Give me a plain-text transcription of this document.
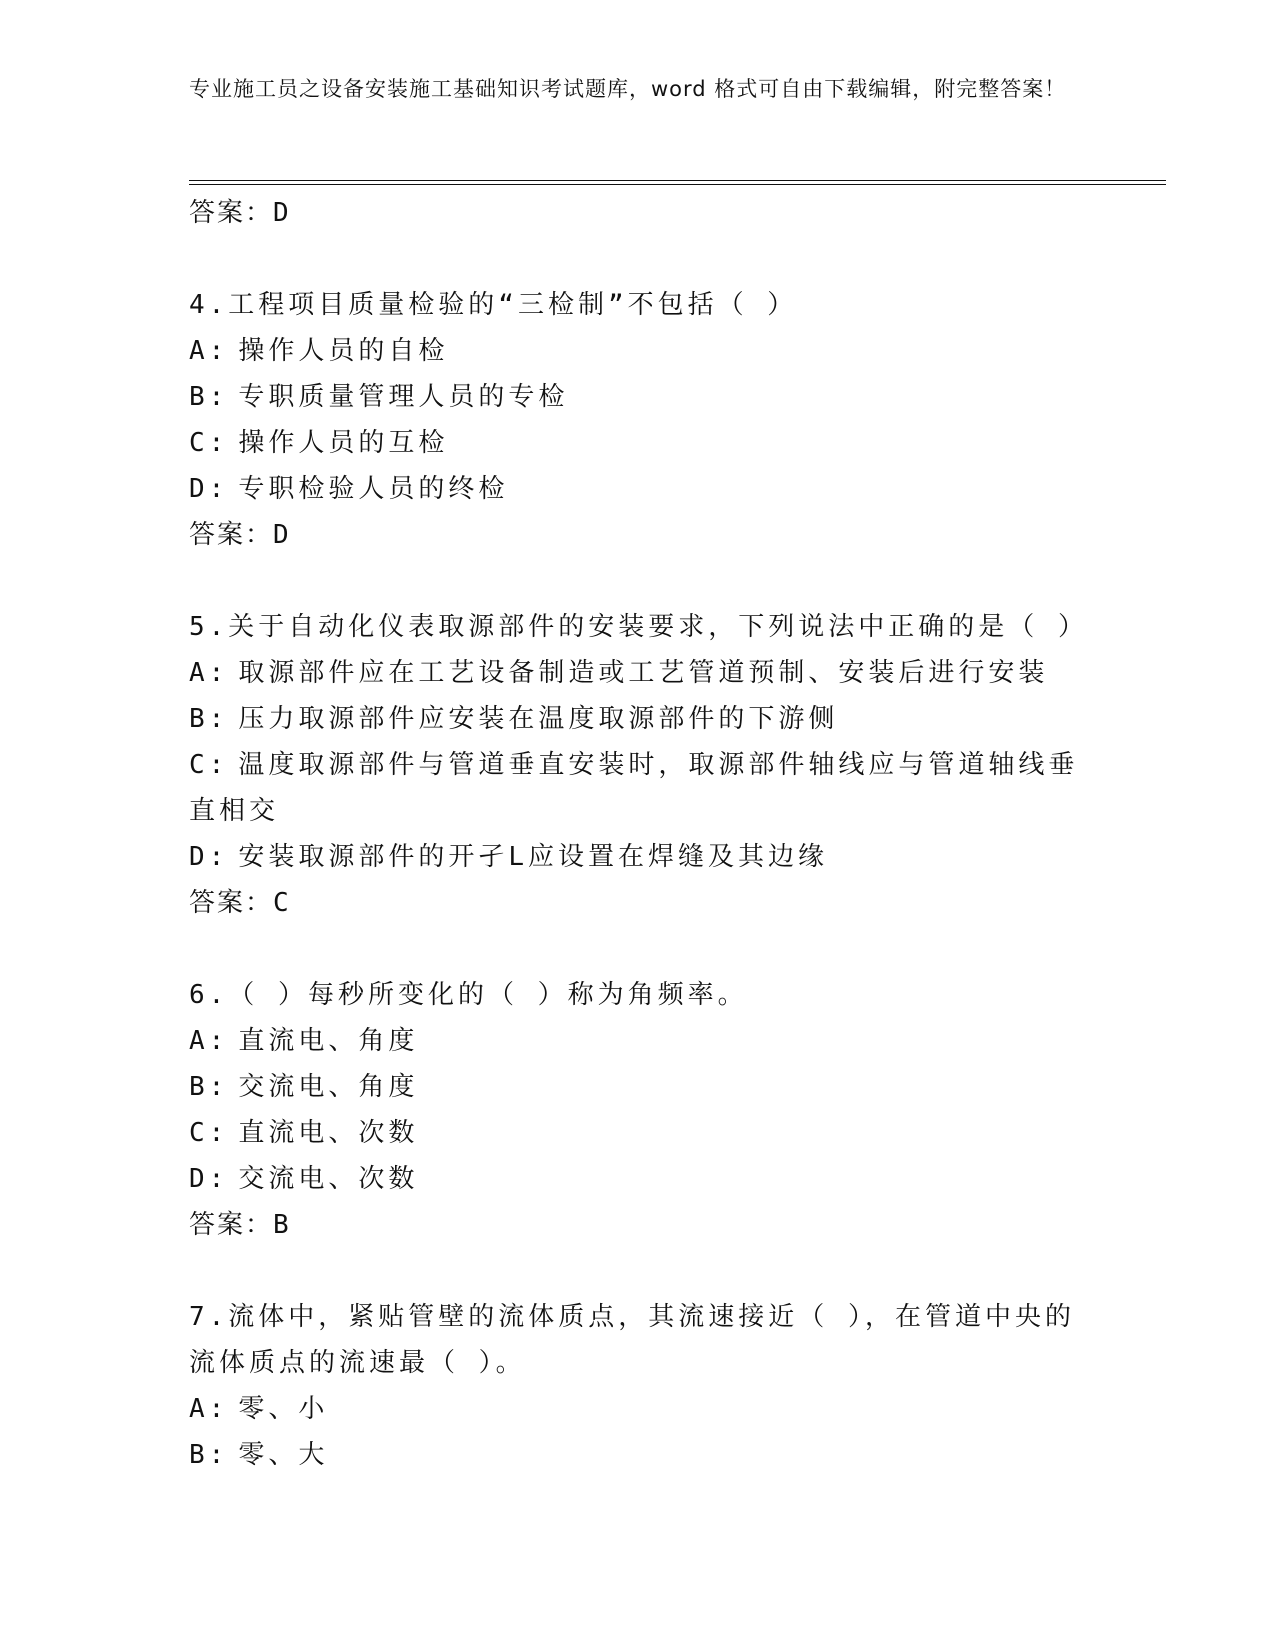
专业施工员之设备安装施工基础知识考试题库，word 格式可自由下载编辑，附完整答案！
答案：D
4.工程项目质量检验的“三检制”不包括（ ）
A: 操作人员的自检
B: 专职质量管理人员的专检
C: 操作人员的互检
D: 专职检验人员的终检
答案：D
5.关于自动化仪表取源部件的安装要求，下列说法中正确的是（ ）
A: 取源部件应在工艺设备制造或工艺管道预制、安装后进行安装
B: 压力取源部件应安装在温度取源部件的下游侧
C: 温度取源部件与管道垂直安装时，取源部件轴线应与管道轴线垂直相交
D: 安装取源部件的开孑L应设置在焊缝及其边缘
答案：C
6.（ ）每秒所变化的（ ）称为角频率。
A: 直流电、角度
B: 交流电、角度
C: 直流电、次数
D: 交流电、次数
答案：B
7.流体中，紧贴管壁的流体质点，其流速接近（ ），在管道中央的流体质点的流速最（ ）。
A: 零、小
B: 零、大
